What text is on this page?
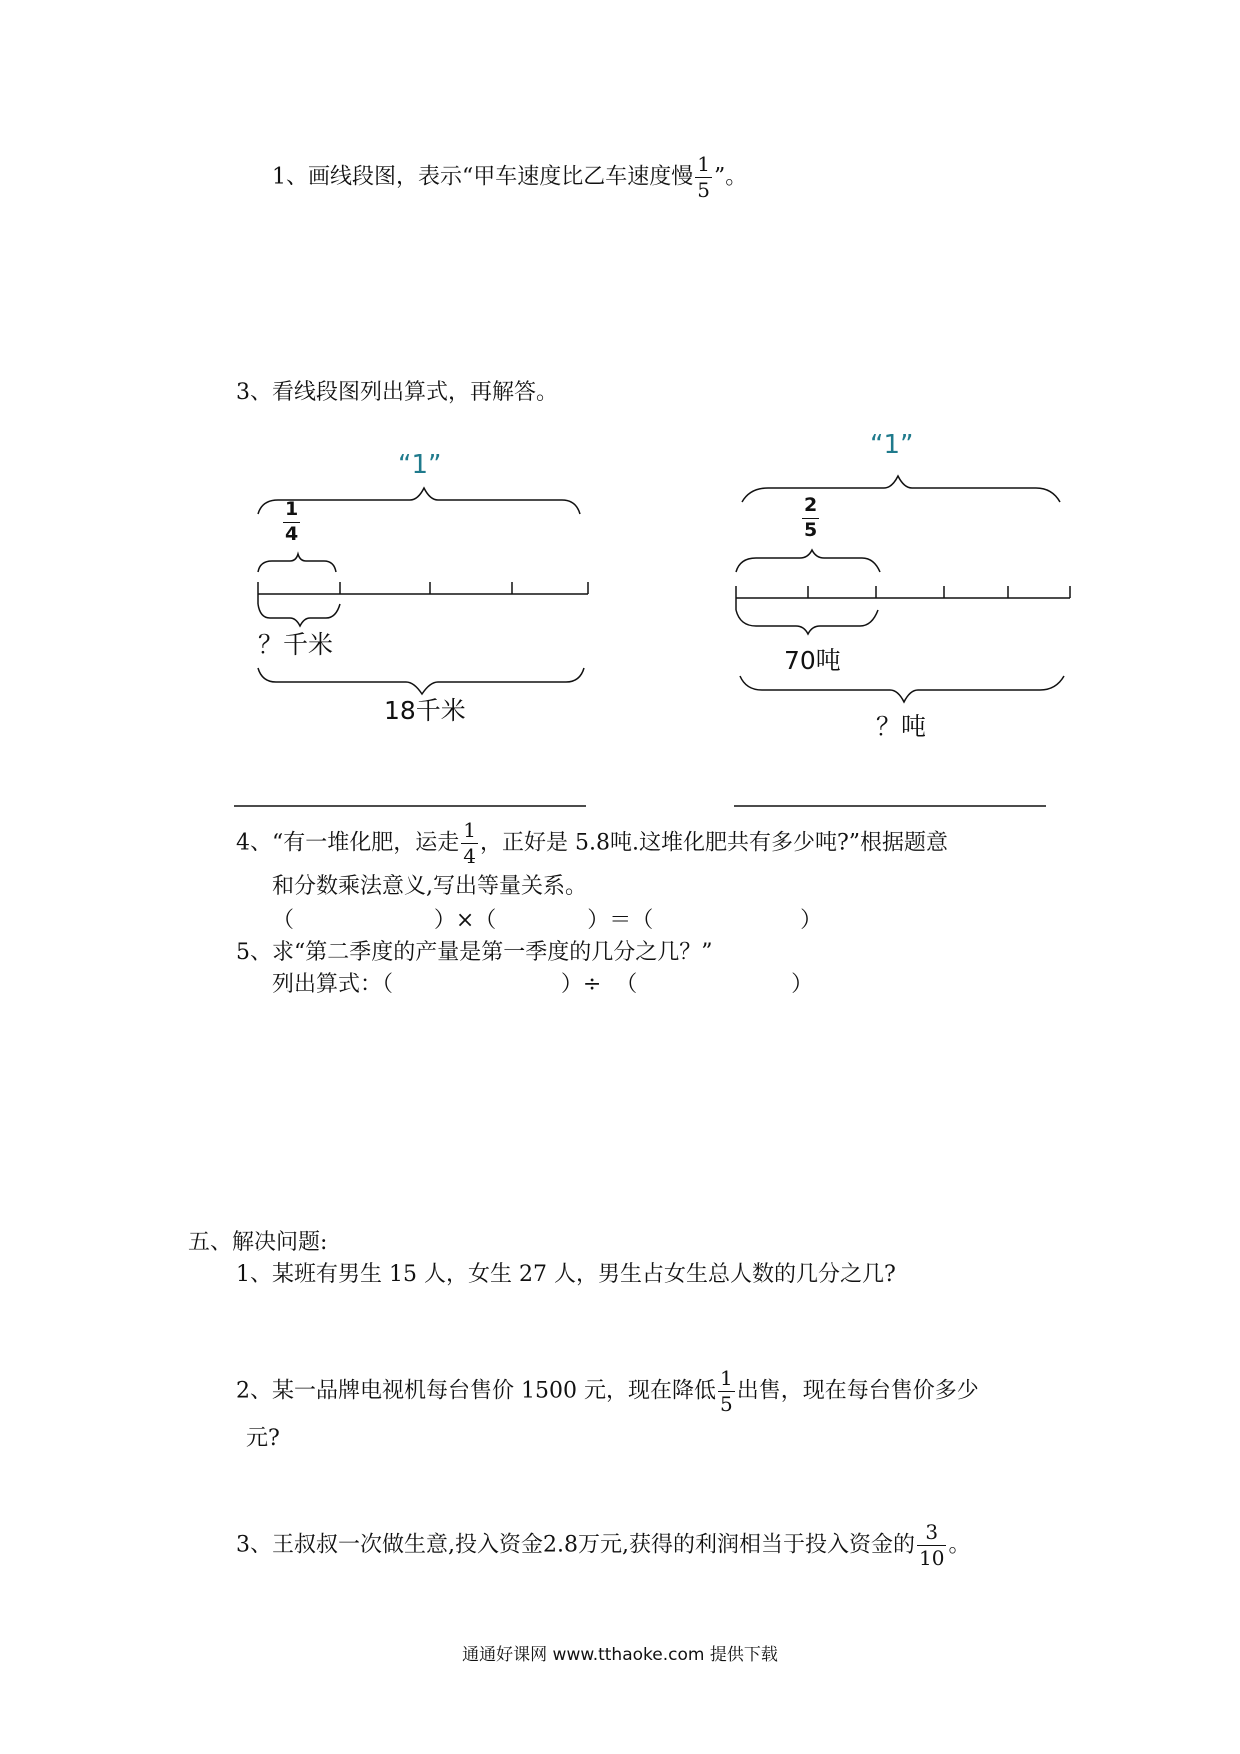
1、画线段图，表示“甲车速度比乙车速度慢 $\frac{1}{5}$ ”。
3、看线段图列出算式，再解答。
“1”
$\frac{1}{4}$
？千米
18千米
“1”
$\frac{2}{5}$
70吨
？吨
4、“有一堆化肥，运走 $\frac{1}{4}$ ，正好是 5.8吨.这堆化肥共有多少吨?”根据题意
和分数乘法意义,写出等量关系。
（                    ）×（             ）＝（                     ）
5、求“第二季度的产量是第一季度的几分之几？”
列出算式：（                        ）÷  （                      ）
五、解决问题:
1、某班有男生 15 人，女生 27 人，男生占女生总人数的几分之几?
2、某一品牌电视机每台售价 1500 元，现在降低 $\frac{1}{5}$ 出售，现在每台售价多少
元?
3、王叔叔一次做生意,投入资金2.8万元,获得的利润相当于投入资金的 $\frac{3}{10}$ 。
通通好课网 www.tthaoke.com 提供下载
